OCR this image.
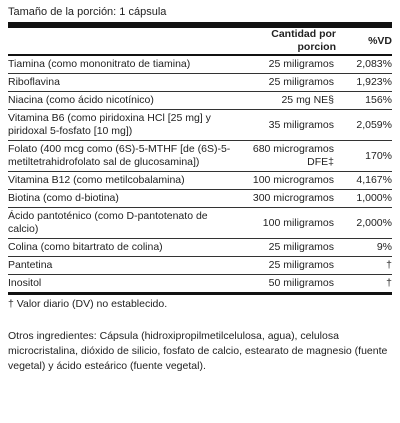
Tamaño de la porción: 1 cápsula
	Cantidad por porcion	%VD
Tiamina (como mononitrato de tiamina)	25 miligramos	2,083%
Riboflavina	25 miligramos	1,923%
Niacina (como ácido nicotínico)	25 mg NE§	156%
Vitamina B6 (como piridoxina HCl [25 mg] y piridoxal 5-fosfato [10 mg])	35 miligramos	2,059%
Folato (400 mcg como (6S)-5-MTHF [de (6S)-5-metiltetrahidrofolato sal de glucosamina])	680 microgramos DFE‡	170%
Vitamina B12 (como metilcobalamina)	100 microgramos	4,167%
Biotina (como d-biotina)	300 microgramos	1,000%
Ácido pantoténico (como D-pantotenato de calcio)	100 miligramos	2,000%
Colina (como bitartrato de colina)	25 miligramos	9%
Pantetina	25 miligramos	†
Inositol	50 miligramos	†
† Valor diario (DV) no establecido.
Otros ingredientes: Cápsula (hidroxipropilmetilcelulosa, agua), celulosa microcristalina, dióxido de silicio, fosfato de calcio, estearato de magnesio (fuente vegetal) y ácido esteárico (fuente vegetal).
